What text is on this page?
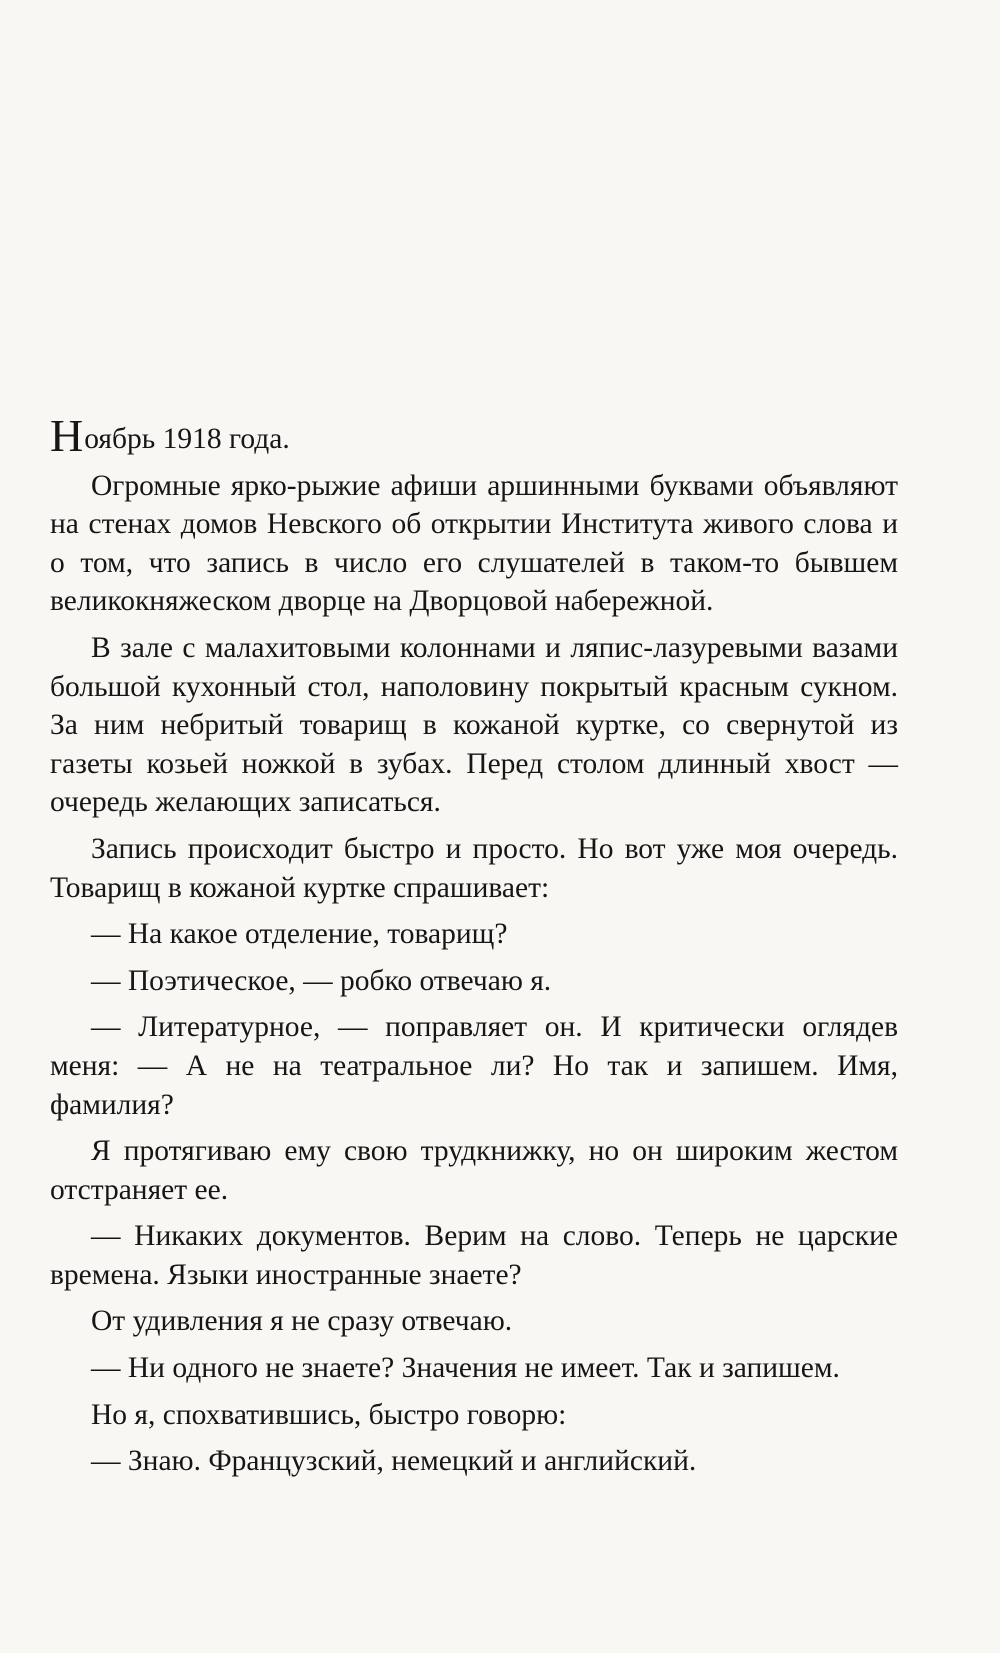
Ноябрь 1918 года.

Огромные ярко-рыжие афиши аршинными буквами объявляют на стенах домов Невского об открытии Института живого слова и о том, что запись в число его слушателей в таком-то бывшем великокняжеском дворце на Дворцовой набережной.

В зале с малахитовыми колоннами и ляпис-лазуревыми вазами большой кухонный стол, наполовину покрытый красным сукном. За ним небритый товарищ в кожаной куртке, со свернутой из газеты козьей ножкой в зубах. Перед столом длинный хвост — очередь желающих записаться.

Запись происходит быстро и просто. Но вот уже моя очередь. Товарищ в кожаной куртке спрашивает:

— На какое отделение, товарищ?

— Поэтическое, — робко отвечаю я.

— Литературное, — поправляет он. И критически оглядев меня: — А не на театральное ли? Но так и запишем. Имя, фамилия?

Я протягиваю ему свою трудкнижку, но он широким жестом отстраняет ее.

— Никаких документов. Верим на слово. Теперь не царские времена. Языки иностранные знаете?

От удивления я не сразу отвечаю.

— Ни одного не знаете? Значения не имеет. Так и запишем.

Но я, спохватившись, быстро говорю:

— Знаю. Французский, немецкий и английский.
